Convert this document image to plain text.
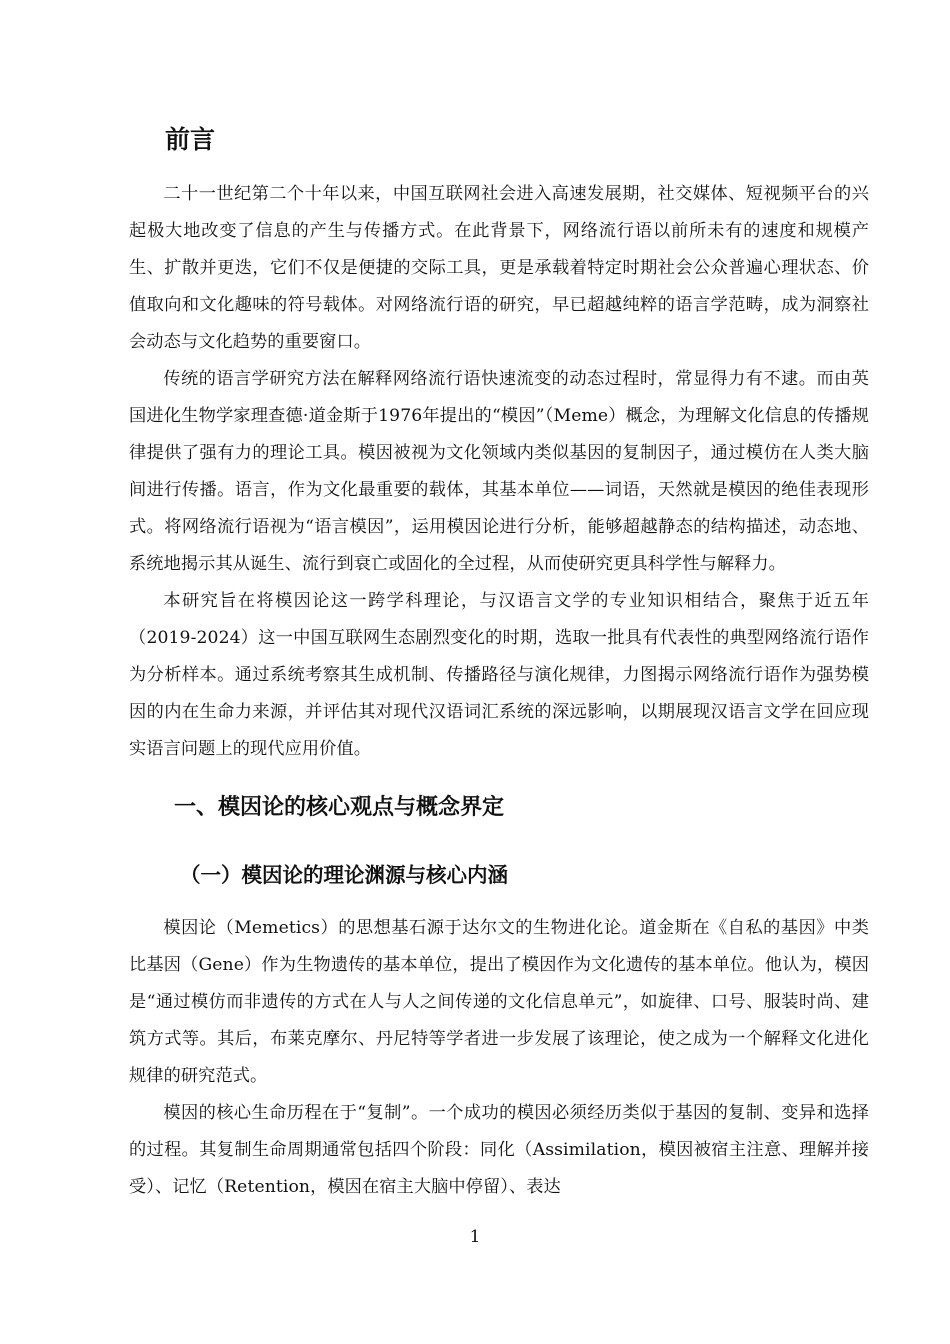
前言

二十一世纪第二个十年以来，中国互联网社会进入高速发展期，社交媒体、短视频平台的兴起极大地改变了信息的产生与传播方式。在此背景下，网络流行语以前所未有的速度和规模产生、扩散并更迭，它们不仅是便捷的交际工具，更是承载着特定时期社会公众普遍心理状态、价值取向和文化趣味的符号载体。对网络流行语的研究，早已超越纯粹的语言学范畴，成为洞察社会动态与文化趋势的重要窗口。

传统的语言学研究方法在解释网络流行语快速流变的动态过程时，常显得力有不逮。而由英国进化生物学家理查德·道金斯于1976年提出的“模因”（Meme）概念，为理解文化信息的传播规律提供了强有力的理论工具。模因被视为文化领域内类似基因的复制因子，通过模仿在人类大脑间进行传播。语言，作为文化最重要的载体，其基本单位——词语，天然就是模因的绝佳表现形式。将网络流行语视为“语言模因”，运用模因论进行分析，能够超越静态的结构描述，动态地、系统地揭示其从诞生、流行到衰亡或固化的全过程，从而使研究更具科学性与解释力。

本研究旨在将模因论这一跨学科理论，与汉语言文学的专业知识相结合，聚焦于近五年（2019-2024）这一中国互联网生态剧烈变化的时期，选取一批具有代表性的典型网络流行语作为分析样本。通过系统考察其生成机制、传播路径与演化规律，力图揭示网络流行语作为强势模因的内在生命力来源，并评估其对现代汉语词汇系统的深远影响，以期展现汉语言文学在回应现实语言问题上的现代应用价值。

一、模因论的核心观点与概念界定
（一）模因论的理论渊源与核心内涵

模因论（Memetics）的思想基石源于达尔文的生物进化论。道金斯在《自私的基因》中类比基因（Gene）作为生物遗传的基本单位，提出了模因作为文化遗传的基本单位。他认为，模因是“通过模仿而非遗传的方式在人与人之间传递的文化信息单元”，如旋律、口号、服装时尚、建筑方式等。其后，布莱克摩尔、丹尼特等学者进一步发展了该理论，使之成为一个解释文化进化规律的研究范式。

模因的核心生命历程在于“复制”。一个成功的模因必须经历类似于基因的复制、变异和选择的过程。其复制生命周期通常包括四个阶段：同化（Assimilation，模因被宿主注意、理解并接受）、记忆（Retention，模因在宿主大脑中停留）、表达

1
